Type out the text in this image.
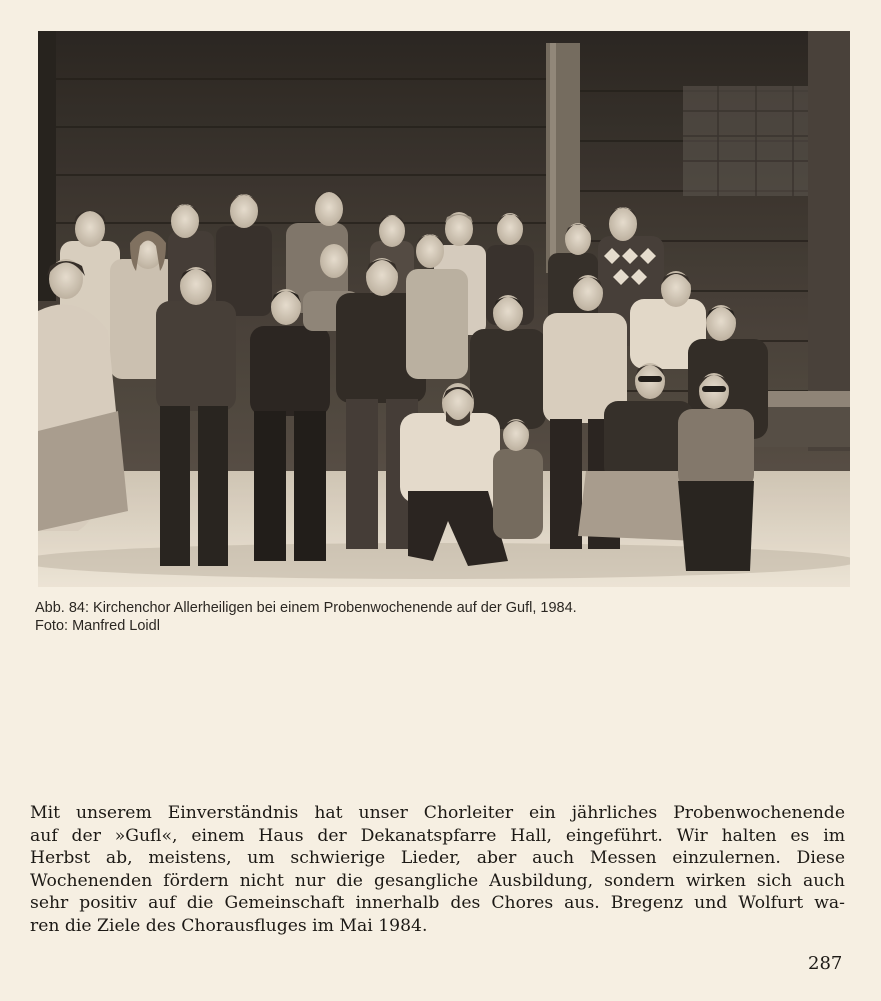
Abb. 84: Kirchenchor Allerheiligen bei einem Probenwochenende auf der Gufl, 1984.
Foto: Manfred Loidl
Mit unserem Einverständnis hat unser Chorleiter ein jährliches Probenwochenende
auf der »Gufl«, einem Haus der Dekanatspfarre Hall, eingeführt. Wir halten es im
Herbst ab, meistens, um schwierige Lieder, aber auch Messen einzulernen. Diese
Wochenenden fördern nicht nur die gesangliche Ausbildung, sondern wirken sich auch
sehr positiv auf die Gemeinschaft innerhalb des Chores aus. Bregenz und Wolfurt wa-
ren die Ziele des Chorausfluges im Mai 1984.
287
